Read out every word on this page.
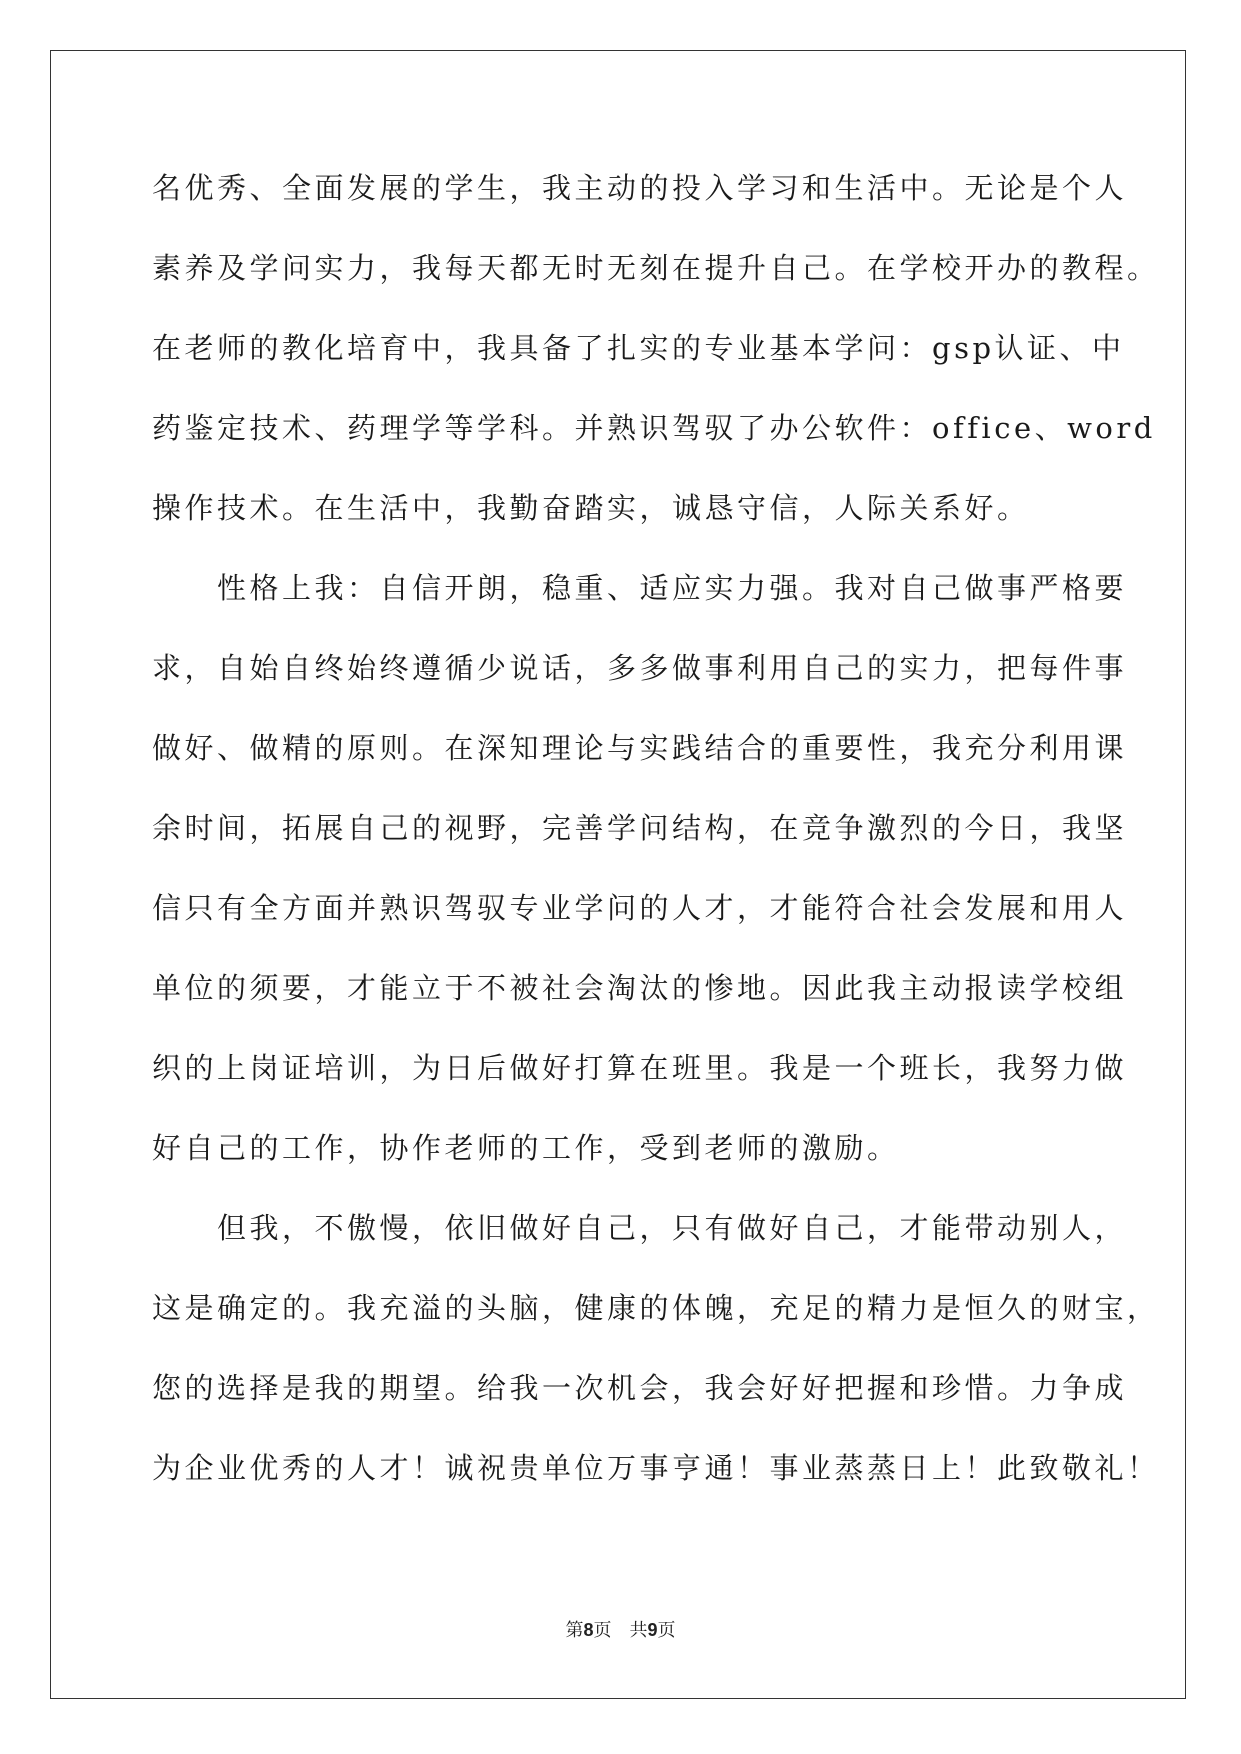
名优秀、全面发展的学生，我主动的投入学习和生活中。无论是个人
素养及学问实力，我每天都无时无刻在提升自己。在学校开办的教程。
在老师的教化培育中，我具备了扎实的专业基本学问：gsp认证、中
药鉴定技术、药理学等学科。并熟识驾驭了办公软件：office、word
操作技术。在生活中，我勤奋踏实，诚恳守信，人际关系好。
　　性格上我：自信开朗，稳重、适应实力强。我对自己做事严格要
求，自始自终始终遵循少说话，多多做事利用自己的实力，把每件事
做好、做精的原则。在深知理论与实践结合的重要性，我充分利用课
余时间，拓展自己的视野，完善学问结构，在竞争激烈的今日，我坚
信只有全方面并熟识驾驭专业学问的人才，才能符合社会发展和用人
单位的须要，才能立于不被社会淘汰的惨地。因此我主动报读学校组
织的上岗证培训，为日后做好打算在班里。我是一个班长，我努力做
好自己的工作，协作老师的工作，受到老师的激励。
　　但我，不傲慢，依旧做好自己，只有做好自己，才能带动别人，
这是确定的。我充溢的头脑，健康的体魄，充足的精力是恒久的财宝，
您的选择是我的期望。给我一次机会，我会好好把握和珍惜。力争成
为企业优秀的人才！诚祝贵单位万事亨通！事业蒸蒸日上！此致敬礼！
第8页 共9页
